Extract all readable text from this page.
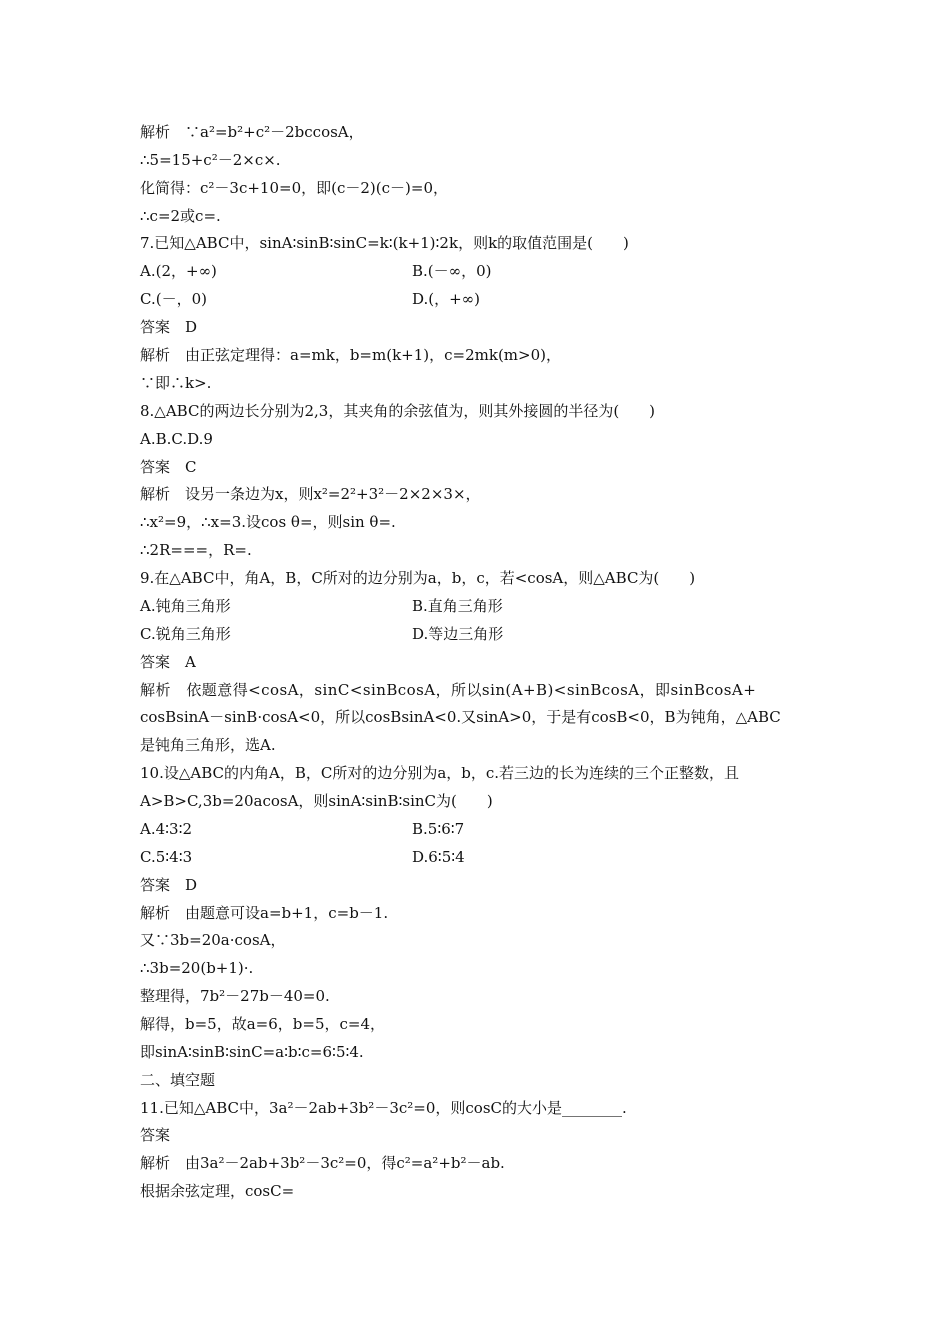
解析　∵a²=b²+c²－2bccosA，
∴5=15+c²－2×c×.
化简得：c²－3c+10=0，即(c－2)(c－)=0，
∴c=2或c=.
7.已知△ABC中，sinA∶sinB∶sinC=k∶(k+1)∶2k，则k的取值范围是(　　)
A.(2，+∞)	B.(－∞，0)
C.(－，0)	D.(，+∞)
答案　D
解析　由正弦定理得：a=mk，b=m(k+1)，c=2mk(m>0)，
∵即∴k>.
8.△ABC的两边长分别为2,3，其夹角的余弦值为，则其外接圆的半径为(　　)
A.B.C.D.9
答案　C
解析　设另一条边为x，则x²=2²+3²－2×2×3×，
∴x²=9，∴x=3.设cos θ=，则sin θ=.
∴2R===，R=.
9.在△ABC中，角A，B，C所对的边分别为a，b，c，若<cosA，则△ABC为(　　)
A.钝角三角形	B.直角三角形
C.锐角三角形	D.等边三角形
答案　A
解析　依题意得<cosA，sinC<sinBcosA，所以sin(A+B)<sinBcosA，即sinBcosA+
cosBsinA－sinB·cosA<0，所以cosBsinA<0.又sinA>0，于是有cosB<0，B为钝角，△ABC
是钝角三角形，选A.
10.设△ABC的内角A，B，C所对的边分别为a，b，c.若三边的长为连续的三个正整数，且
A>B>C,3b=20acosA，则sinA∶sinB∶sinC为(　　)
A.4∶3∶2	B.5∶6∶7
C.5∶4∶3	D.6∶5∶4
答案　D
解析　由题意可设a=b+1，c=b－1.
又∵3b=20a·cosA，
∴3b=20(b+1)·.
整理得，7b²－27b－40=0.
解得，b=5，故a=6，b=5，c=4，
即sinA∶sinB∶sinC=a∶b∶c=6∶5∶4.
二、填空题
11.已知△ABC中，3a²－2ab+3b²－3c²=0，则cosC的大小是________.
答案
解析　由3a²－2ab+3b²－3c²=0，得c²=a²+b²－ab.
根据余弦定理，cosC=
